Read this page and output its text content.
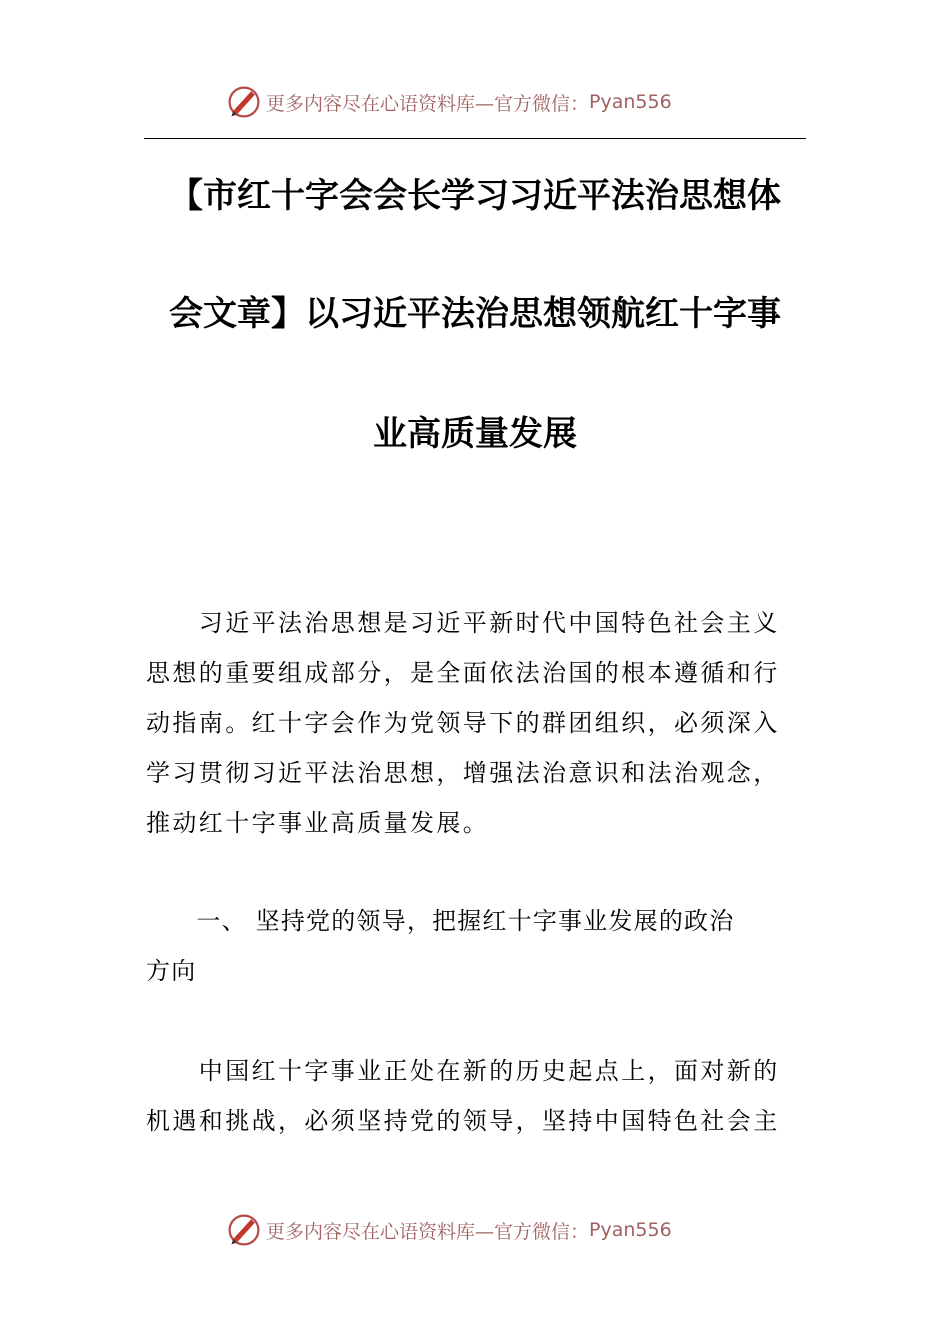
更多内容尽在心语资料库—官方微信： Pyan556
【市红十字会会长学习习近平法治思想体
会文章】以习近平法治思想领航红十字事
业高质量发展
　　习近平法治思想是习近平新时代中国特色社会主义
思想的重要组成部分，是全面依法治国的根本遵循和行
动指南。红十字会作为党领导下的群团组织，必须深入
学习贯彻习近平法治思想，增强法治意识和法治观念，
推动红十字事业高质量发展。
　　一、 坚持党的领导，把握红十字事业发展的政治
方向
　　中国红十字事业正处在新的历史起点上，面对新的
机遇和挑战，必须坚持党的领导，坚持中国特色社会主
更多内容尽在心语资料库—官方微信： Pyan556
